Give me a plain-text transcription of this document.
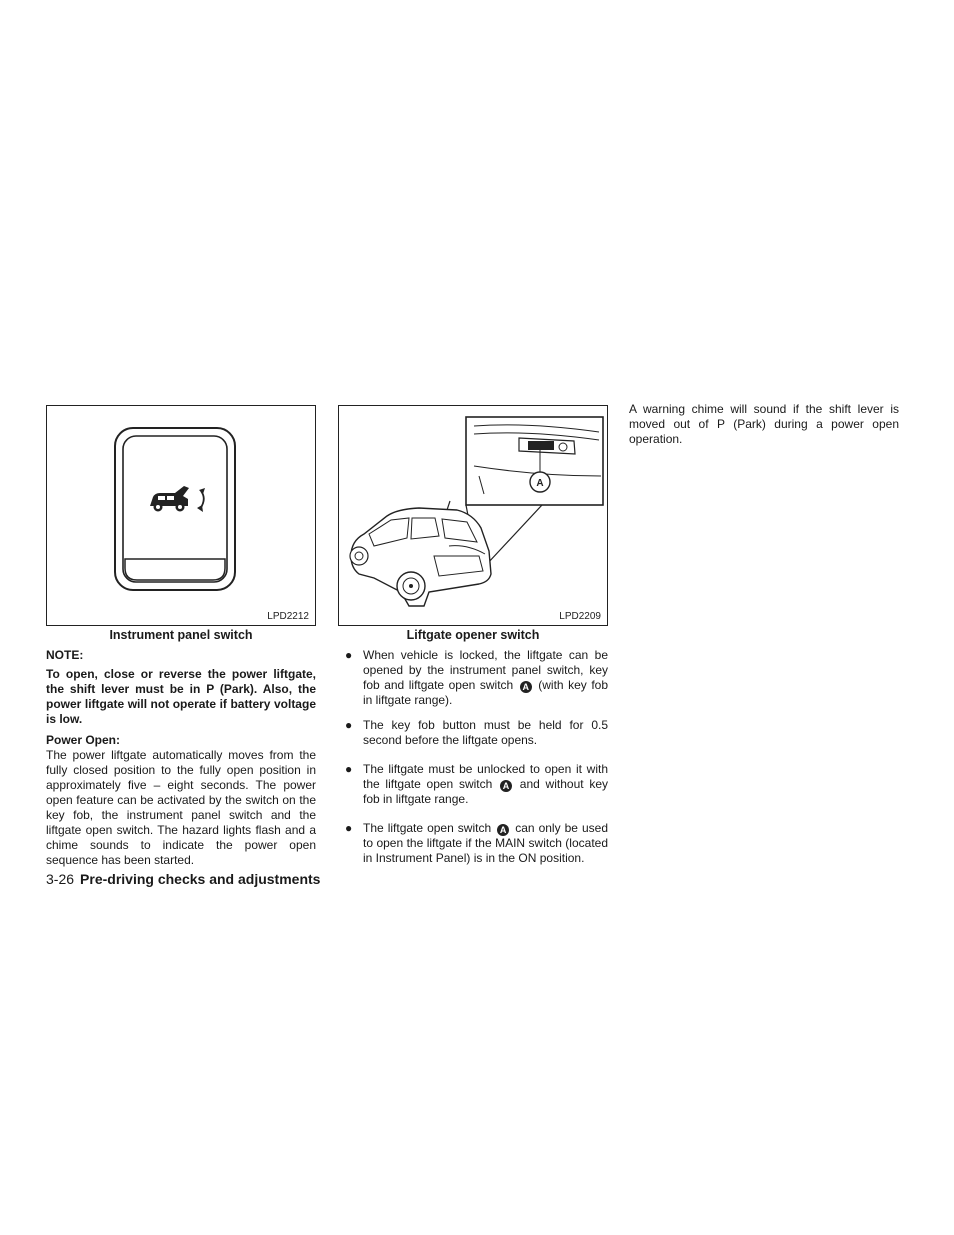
LPD2212
Instrument panel switch
A
LPD2209
Liftgate opener switch

NOTE:

To open, close or reverse the power liftgate, the shift lever must be in P (Park). Also, the power liftgate will not operate if battery voltage is low.

Power Open:

The power liftgate automatically moves from the fully closed position to the fully open position in approximately five – eight seconds. The power open feature can be activated by the switch on the key fob, the instrument panel switch and the liftgate open switch. The hazard lights flash and a chime sounds to indicate the power open sequence has been started.

● When vehicle is locked, the liftgate can be opened by the instrument panel switch, key fob and liftgate open switch A (with key fob in liftgate range).
● The key fob button must be held for 0.5 second before the liftgate opens.
● The liftgate must be unlocked to open it with the liftgate open switch A and without key fob in liftgate range.
● The liftgate open switch A can only be used to open the liftgate if the MAIN switch (located in Instrument Panel) is in the ON position.

A warning chime will sound if the shift lever is moved out of P (Park) during a power open operation.

3-26 Pre-driving checks and adjustments
